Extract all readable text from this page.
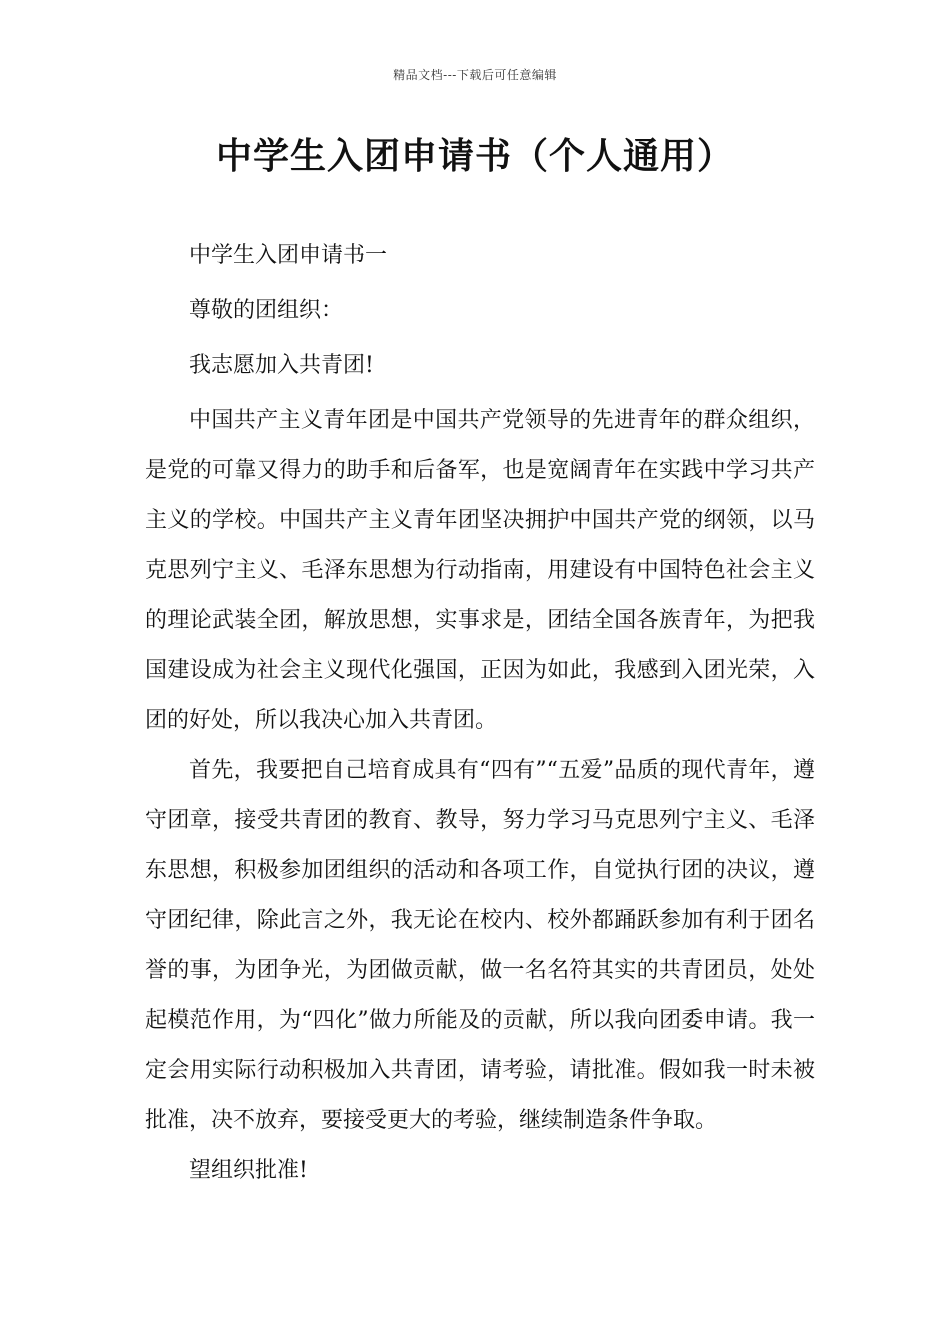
精品文档---下载后可任意编辑
中学生入团申请书（个人通用）

中学生入团申请书一

尊敬的团组织：

我志愿加入共青团!

中国共产主义青年团是中国共产党领导的先进青年的群众组织，是党的可靠又得力的助手和后备军，也是宽阔青年在实践中学习共产主义的学校。中国共产主义青年团坚决拥护中国共产党的纲领，以马克思列宁主义、毛泽东思想为行动指南，用建设有中国特色社会主义的理论武装全团，解放思想，实事求是，团结全国各族青年，为把我国建设成为社会主义现代化强国，正因为如此，我感到入团光荣，入团的好处，所以我决心加入共青团。

首先，我要把自己培育成具有“四有”“五爱”品质的现代青年，遵守团章，接受共青团的教育、教导，努力学习马克思列宁主义、毛泽东思想，积极参加团组织的活动和各项工作，自觉执行团的决议，遵守团纪律，除此言之外，我无论在校内、校外都踊跃参加有利于团名誉的事，为团争光，为团做贡献，做一名名符其实的共青团员，处处起模范作用，为“四化”做力所能及的贡献，所以我向团委申请。我一定会用实际行动积极加入共青团，请考验，请批准。假如我一时未被批准，决不放弃，要接受更大的考验，继续制造条件争取。

望组织批准!
